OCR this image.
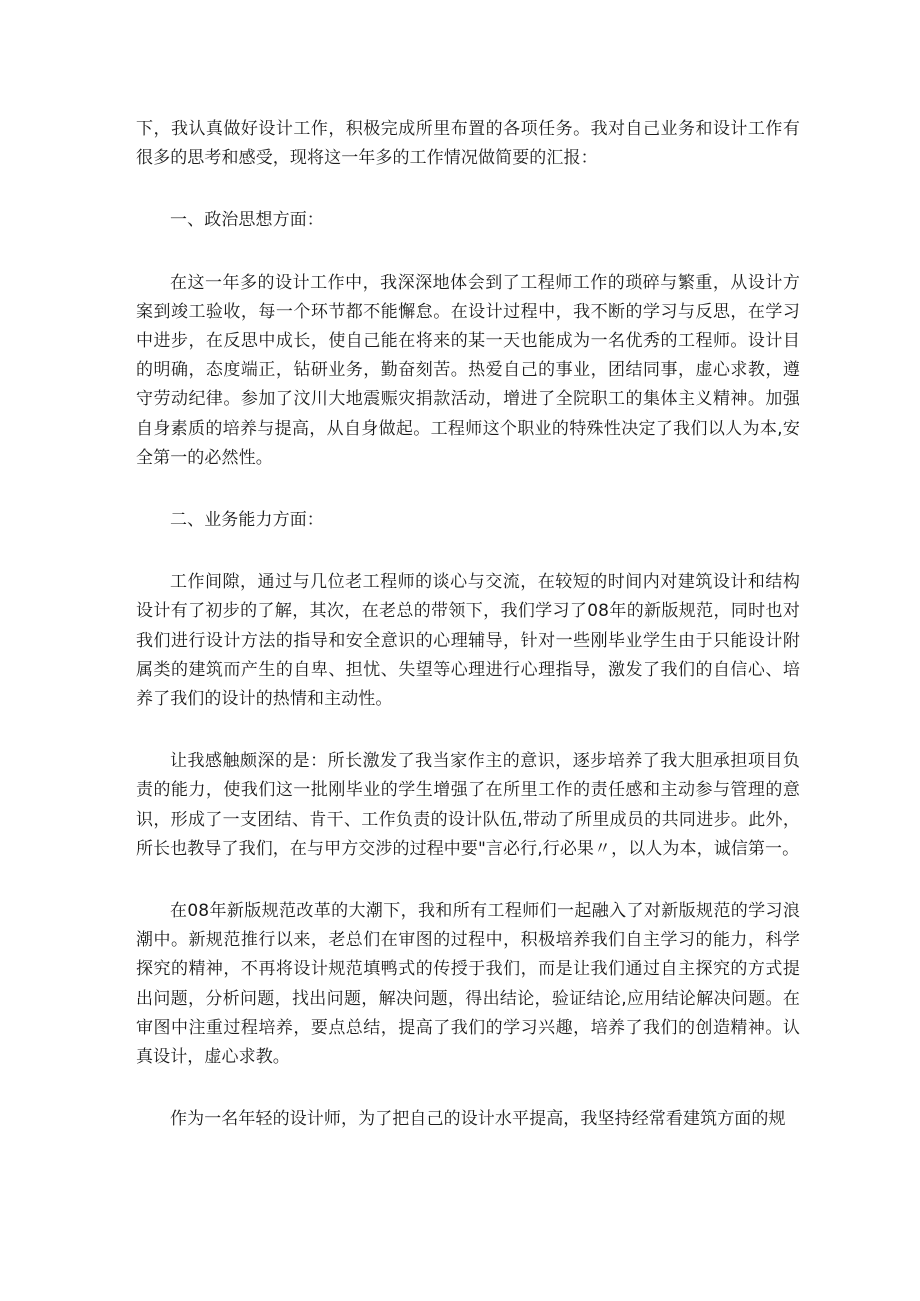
下，我认真做好设计工作，积极完成所里布置的各项任务。我对自己业务和设计工作有很多的思考和感受，现将这一年多的工作情况做简要的汇报：

一、政治思想方面：

在这一年多的设计工作中，我深深地体会到了工程师工作的琐碎与繁重，从设计方案到竣工验收，每一个环节都不能懈怠。在设计过程中，我不断的学习与反思，在学习中进步，在反思中成长，使自己能在将来的某一天也能成为一名优秀的工程师。设计目的明确，态度端正，钻研业务，勤奋刻苦。热爱自己的事业，团结同事，虚心求教，遵守劳动纪律。参加了汶川大地震赈灾捐款活动，增进了全院职工的集体主义精神。加强自身素质的培养与提高，从自身做起。工程师这个职业的特殊性决定了我们以人为本,安全第一的必然性。

二、业务能力方面：

工作间隙，通过与几位老工程师的谈心与交流，在较短的时间内对建筑设计和结构设计有了初步的了解，其次，在老总的带领下，我们学习了08年的新版规范，同时也对我们进行设计方法的指导和安全意识的心理辅导，针对一些刚毕业学生由于只能设计附属类的建筑而产生的自卑、担忧、失望等心理进行心理指导，激发了我们的自信心、培养了我们的设计的热情和主动性。

让我感触颇深的是：所长激发了我当家作主的意识，逐步培养了我大胆承担项目负责的能力，使我们这一批刚毕业的学生增强了在所里工作的责任感和主动参与管理的意识，形成了一支团结、肯干、工作负责的设计队伍,带动了所里成员的共同进步。此外，所长也教导了我们，在与甲方交涉的过程中要"言必行,行必果〃，以人为本，诚信第一。

在08年新版规范改革的大潮下，我和所有工程师们一起融入了对新版规范的学习浪潮中。新规范推行以来，老总们在审图的过程中，积极培养我们自主学习的能力，科学探究的精神，不再将设计规范填鸭式的传授于我们，而是让我们通过自主探究的方式提出问题，分析问题，找出问题，解决问题，得出结论，验证结论,应用结论解决问题。在审图中注重过程培养，要点总结，提高了我们的学习兴趣，培养了我们的创造精神。认真设计，虚心求教。

作为一名年轻的设计师，为了把自己的设计水平提高，我坚持经常看建筑方面的规
